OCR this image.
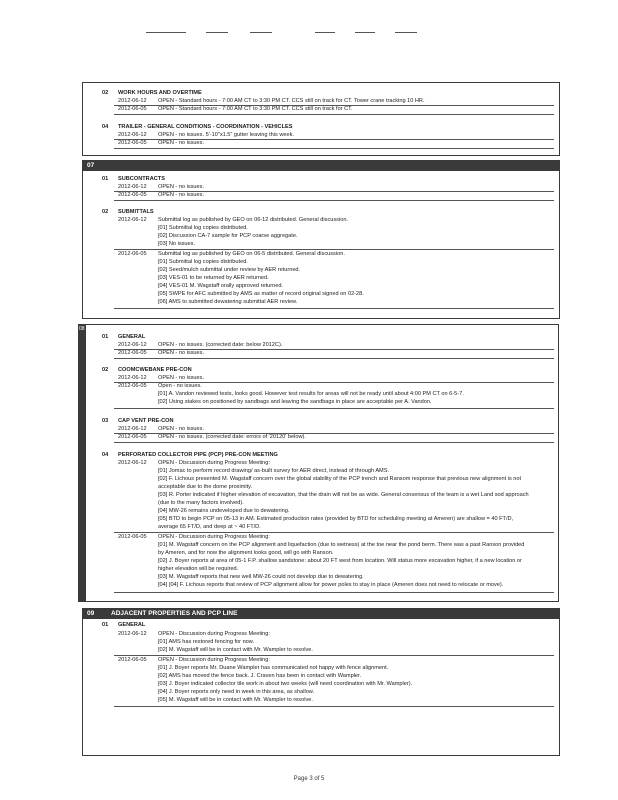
02 WORK HOURS AND OVERTIME
2012-06-12 OPEN - Standard hours - 7:00 AM CT to 3:30 PM CT. CCS still on track for CT. Tower crane tracking 10 HR.
2012-06-05 OPEN - Standard hours - 7:00 AM CT to 3:30 PM CT. CCS still on track for CT.
04 TRAILER - GENERAL CONDITIONS - COORDINATION - VEHICLES
2012-06-12 OPEN - no issues. 5'-10"x1.5" gutter leaving this week.
2012-06-05 OPEN - no issues.
07
01 SUBCONTRACTS
2012-06-12 OPEN - no issues.
2012-06-05 OPEN - no issues.
02 SUBMITTALS
2012-06-12 Submittal log as published by GEO on 06-12 distributed. General discussion.
[01] Submittal log copies distributed.
[02] Discussion CA-7 sample for PCP coarse aggregate.
[03] No issues.
2012-06-05 Submittal log as published by GEO on 06-5 distributed. General discussion.
[01] Submittal log copies distributed.
[02] Seed/mulch submittal under review by AER returned.
[03] VES-01 to be returned by AER returned.
[04] VES-01 M. Wagstaff orally approved returned.
[05] SWPE for AFC submitted by AMS as matter of record original signed on 02-28.
[06] AMS to submitted dewatering submittal AER review.
08
01 GENERAL
2012-06-12 OPEN - no issues. (corrected date: below 2012C).
2012-06-05 OPEN - no issues.
02 COOMCWEBANE PRE-CON
2012-06-12 OPEN - no issues.
2012-06-05 Open - no issues.
[01] A. Vandon reviewed tests, looks good. However test results for areas will not be ready until about 4:00 PM CT on 6-5-7.
[02] Using stakes on positioned by sandbags and leaving the sandbags in place are acceptable per A. Vandon.
03 CAP VENT PRE-CON
2012-06-12 OPEN - no issues.
2012-06-05 OPEN - no issues. (corrected date: errors of '20120' below).
04 PERFORATED COLLECTOR PIPE (PCP) PRE-CON MEETING
2012-06-12 OPEN - Discussion during Progress Meeting:
[01] Jomac to perform record drawing/ as-built survey for AER direct, instead of through AMS.
[02] F. Lichous presented M. Wagstaff concern over the global stability of the PCP trench and Ransom response that previous new alignment is not
acceptable due to the dome proximity.
[03] R. Porter indicated if higher elevation of excavation, that the drain will not be as wide. General consensus of the team is a wet Land sod approach
(due to the many factors involved).
[04] MW-26 remains undeveloped due to dewatering.
[05] BTD to begin PCP on 05-13 in AM. Estimated production rates (provided by BTD for scheduling meeting at Ameren) are shallow = 40 FT/D,
average 65 FT/D, and deep at ~ 40 FT/D.
2012-06-05 OPEN - Discussion during Progress Meeting:
[01] M. Wagstaff concern on the PCP alignment and liquefaction (due to wetness) at the toe near the pond berm. There was a past Ranson provided
by Ameren, and for now the alignment looks good, will go with Ranson.
[02] J. Boyer reports at area of 05-1 F.P. shallow sandstone: about 20 FT west from location. Will status more excavation higher, if a new location or
higher elevation will be required.
[03] M. Wagstaff reports that new well MW-26 could not develop due to dewatering.
[04] [04] F. Lichous reports that review of PCP alignment allow for power poles to stay in place (Ameren does not need to relocate or move).
09	ADJACENT PROPERTIES AND PCP LINE
01 GENERAL
2012-06-12 OPEN - Discussion during Progress Meeting:
[01] AMS has restored fencing for now.
[02] M. Wagstaff will be in contact with Mr. Wampler to resolve.
2012-06-05 OPEN - Discussion during Progress Meeting:
[01] J. Boyer reports Mr. Duane Wampler has communicated not happy with fence alignment.
[02] AMS has moved the fence back. J. Craven has been in contact with Wampler.
[03] J. Boyer indicated collector tile work in about two weeks (will need coordination with Mr. Wampler).
[04] J. Boyer reports only need in week in this area, as shallow.
[05] M. Wagstaff will be in contact with Mr. Wampler to resolve.
Page 3 of 5
